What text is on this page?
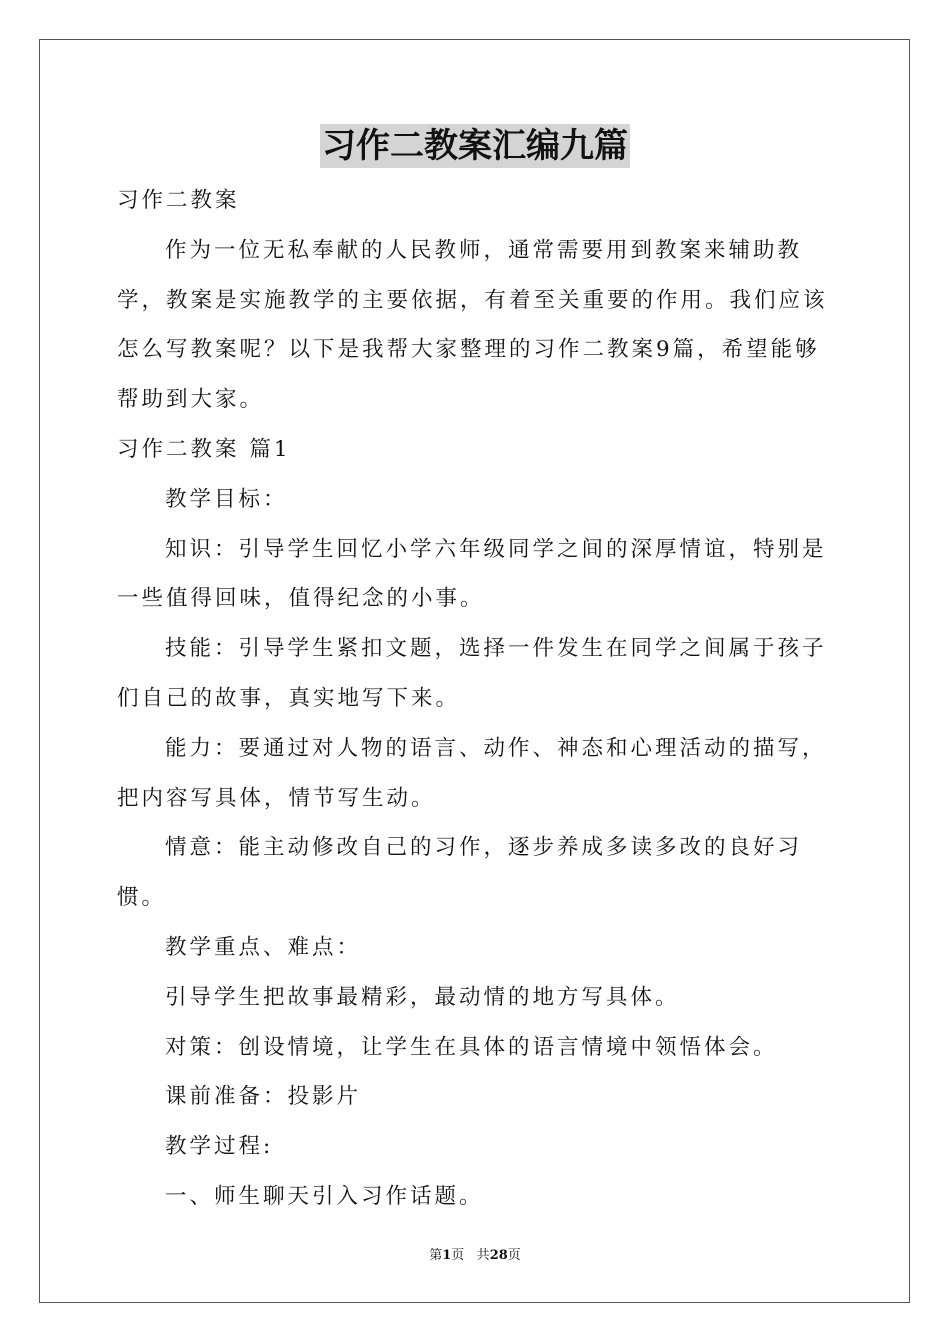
习作二教案汇编九篇

习作二教案

作为一位无私奉献的人民教师，通常需要用到教案来辅助教学，教案是实施教学的主要依据，有着至关重要的作用。我们应该怎么写教案呢？以下是我帮大家整理的习作二教案9篇，希望能够帮助到大家。

习作二教案 篇1

教学目标：

知识：引导学生回忆小学六年级同学之间的深厚情谊，特别是一些值得回味，值得纪念的小事。

技能：引导学生紧扣文题，选择一件发生在同学之间属于孩子们自己的故事，真实地写下来。

能力：要通过对人物的语言、动作、神态和心理活动的描写，把内容写具体，情节写生动。

情意：能主动修改自己的习作，逐步养成多读多改的良好习惯。

教学重点、难点：

引导学生把故事最精彩，最动情的地方写具体。

对策：创设情境，让学生在具体的语言情境中领悟体会。

课前准备：投影片

教学过程:

一、师生聊天引入习作话题。

第1页 共28页
